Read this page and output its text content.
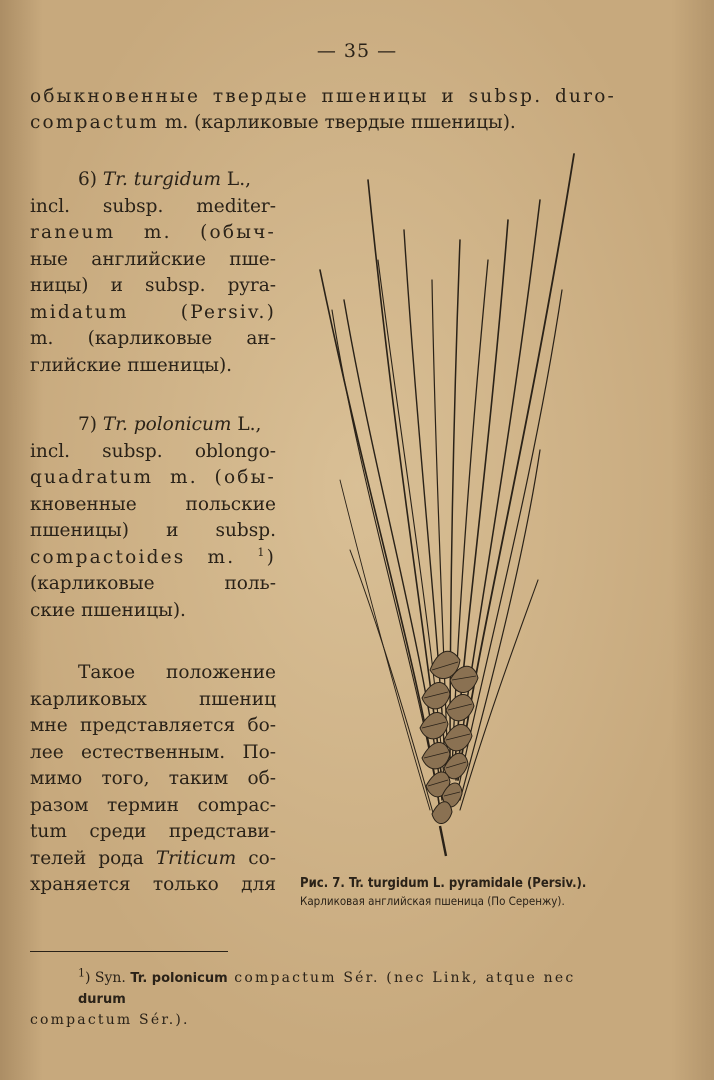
— 35 —
обыкновенные твердые пшеницы и subsp. duro-
compactum m. (карликовые твердые пшеницы).
6) Tr. turgidum L.,
incl. subsp. mediter-
raneum m. (обыч-
ные английские пше-
ницы) и subsp. pyra-
midatum (Persiv.)
m. (карликовые ан-
глийские пшеницы).
7) Tr. polonicum L.,
incl. subsp. oblongo-
quadratum m. (обы-
кновенные польские
пшеницы) и subsp.
compactoides m. $^1$)
(карликовые поль-
ские пшеницы).
Такое положение
карликовых пшениц
мне представляется бо-
лее естественным. По-
мимо того, таким об-
разом термин compac-
tum среди представи-
телей рода Triticum со-
храняется только для Рис. 7. Tr. turgidum L. pyramidale (Persiv.).
Карликовая английская пшеница (По Серенжу).
$^1$) Syn. Tr. polonicum compactum Sér. (nec Link, atque nec durum
compactum Sér.).
